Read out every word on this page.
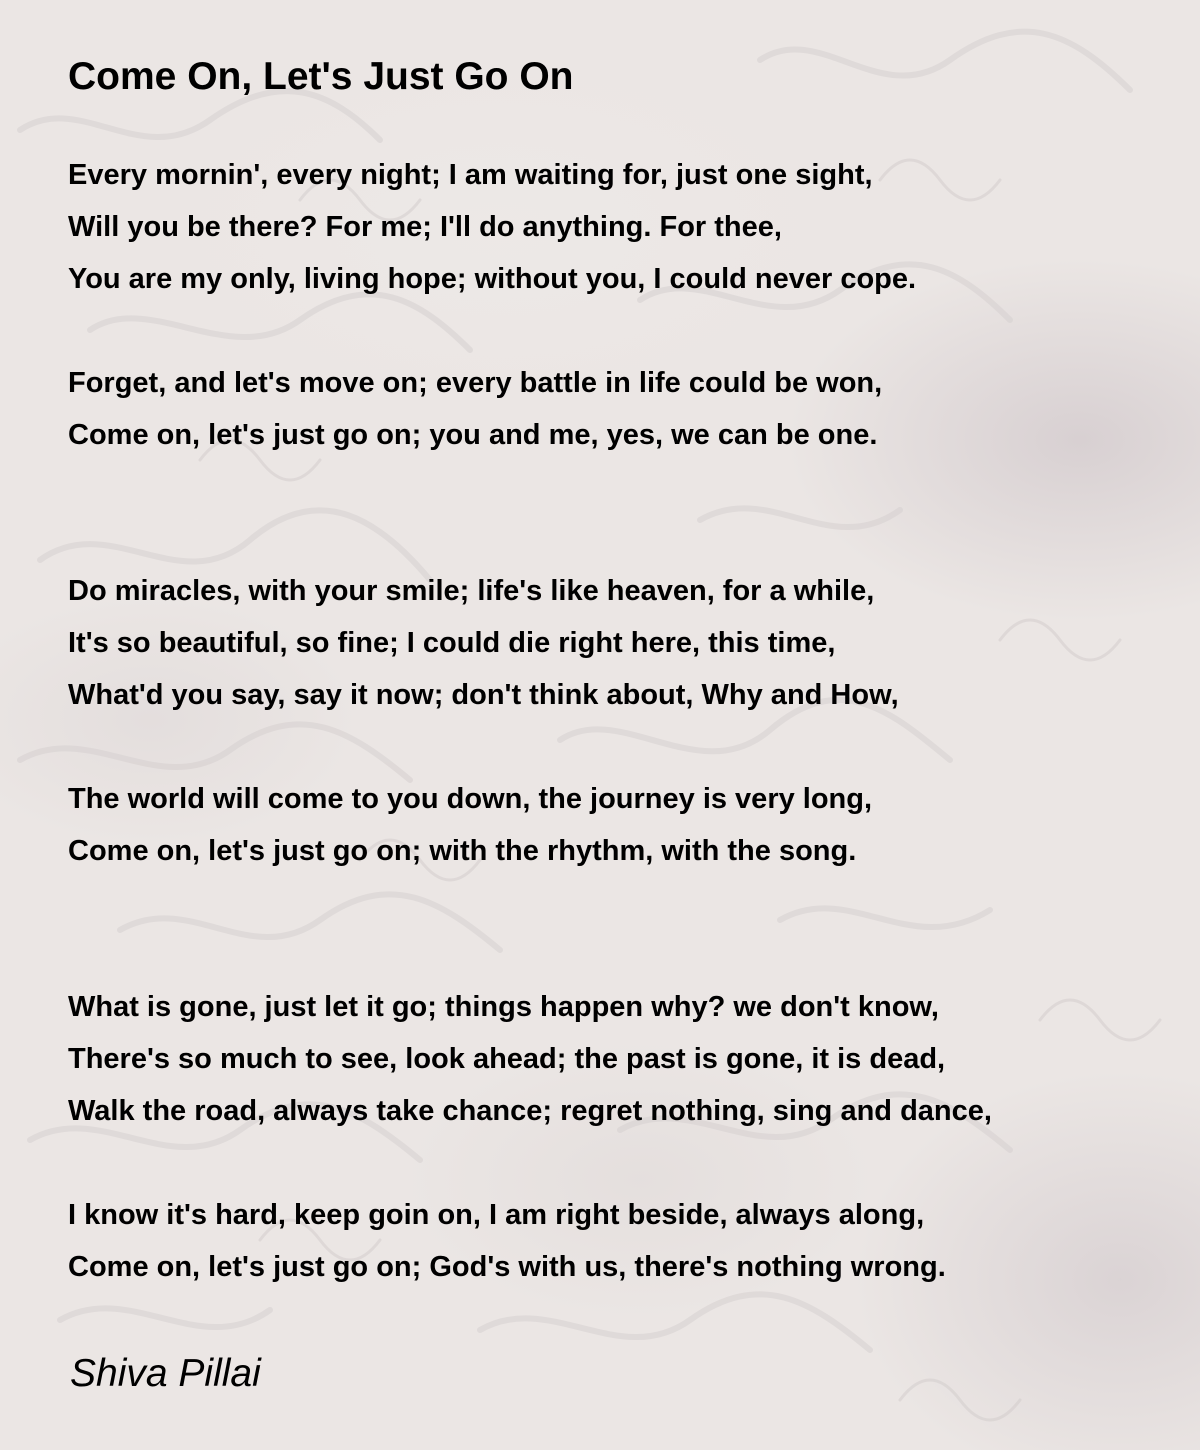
Come On, Let's Just Go On
Every mornin', every night; I am waiting for, just one sight,
Will you be there? For me; I'll do anything. For thee,
You are my only, living hope; without you, I could never cope.
Forget, and let's move on; every battle in life could be won,
Come on, let's just go on; you and me, yes, we can be one.
Do miracles, with your smile; life's like heaven, for a while,
It's so beautiful, so fine; I could die right here, this time,
What'd you say, say it now; don't think about, Why and How,
The world will come to you down, the journey is very long,
Come on, let's just go on; with the rhythm, with the song.
What is gone, just let it go; things happen why? we don't know,
There's so much to see, look ahead; the past is gone, it is dead,
Walk the road, always take chance; regret nothing, sing and dance,
I know it's hard, keep goin on, I am right beside, always along,
Come on, let's just go on; God's with us, there's nothing wrong.

Shiva Pillai
